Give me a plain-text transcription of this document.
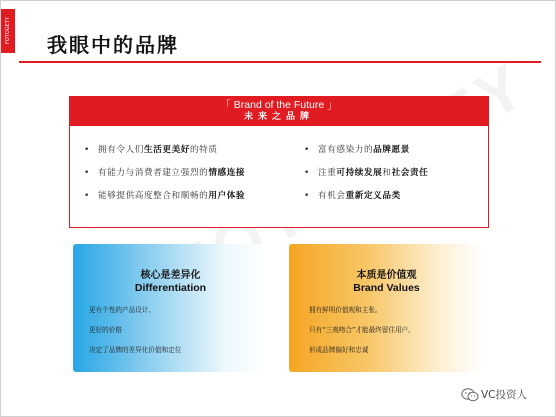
FOTOGETY
我眼中的品牌
「 Brand of the Future 」
未来之品牌
• 拥有令人们生活更美好的特质
• 有能力与消费者建立强烈的情感连接
• 能够提供高度整合和顺畅的用户体验
• 富有感染力的品牌愿景
• 注重可持续发展和社会责任
• 有机会重新定义品类
核心是差异化
Differentiation
更有个性的产品设计、
更好的价格
决定了品牌的差异化价值和定位
本质是价值观
Brand Values
拥有鲜明价值观和主张。
只有“三观吻合”才能最终留住用户。
形成品牌偏好和忠诚
VC投资人
